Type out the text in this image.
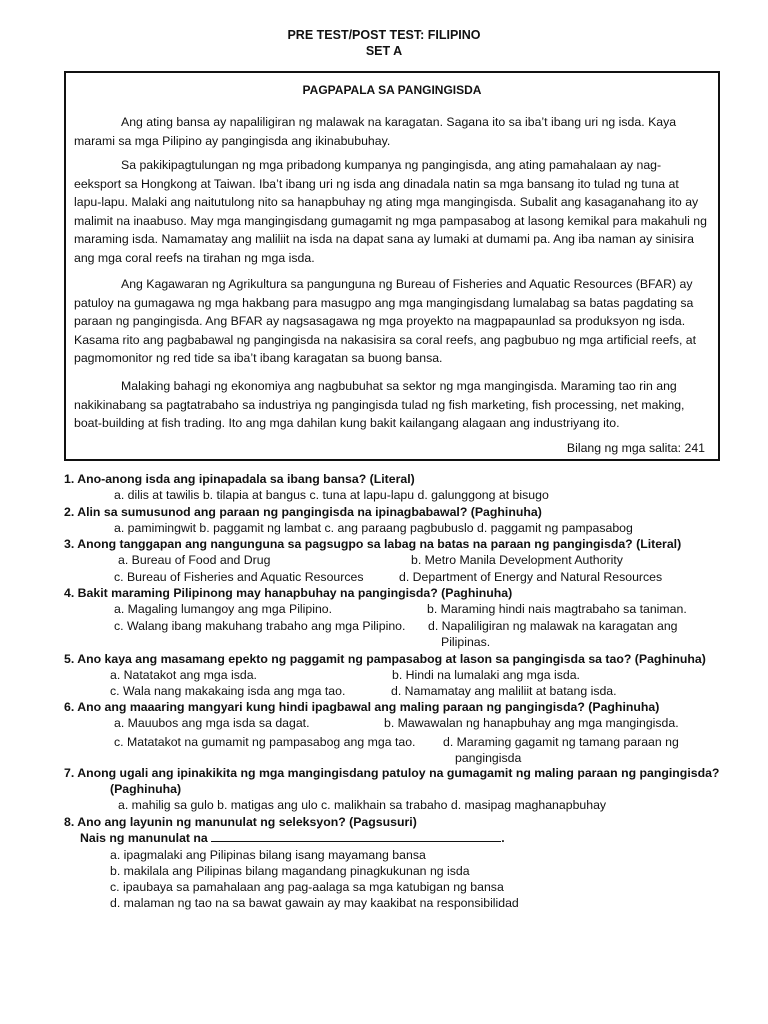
PRE TEST/POST TEST: FILIPINO
SET A
PAGPAPALA SA PANGINGISDA

Ang ating bansa ay napaliligiran ng malawak na karagatan. Sagana ito sa iba’t ibang uri ng isda. Kaya marami sa mga Pilipino ay pangingisda ang ikinabubuhay.

Sa pakikipagtulungan ng mga pribadong kumpanya ng pangingisda, ang ating pamahalaan ay nag-eeksport sa Hongkong at Taiwan. Iba’t ibang uri ng isda ang dinadala natin sa mga bansang ito tulad ng tuna at lapu-lapu. Malaki ang naitutulong nito sa hanapbuhay ng ating mga mangingisda. Subalit ang kasaganahang ito ay malimit na inaabuso. May mga mangingisdang gumagamit ng mga pampasabog at lasong kemikal para makahuli ng maraming isda. Namamatay ang maliliit na isda na dapat sana ay lumaki at dumami pa. Ang iba naman ay sinisira ang mga coral reefs na tirahan ng mga isda.

Ang Kagawaran ng Agrikultura sa pangunguna ng Bureau of Fisheries and Aquatic Resources (BFAR) ay patuloy na gumagawa ng mga hakbang para masugpo ang mga mangingisdang lumalabag sa batas pagdating sa paraan ng pangingisda. Ang BFAR ay nagsasagawa ng mga proyekto na magpapaunlad sa produksyon ng isda. Kasama rito ang pagbabawal ng pangingisda na nakasisira sa coral reefs, ang pagbubuo ng mga artificial reefs, at pagmomonitor ng red tide sa iba’t ibang karagatan sa buong bansa.

Malaking bahagi ng ekonomiya ang nagbubuhat sa sektor ng mga mangingisda. Maraming tao rin ang nakikinabang sa pagtatrabaho sa industriya ng pangingisda tulad ng fish marketing, fish processing, net making, boat-building at fish trading. Ito ang mga dahilan kung bakit kailangang alagaan ang industriyang ito.

Bilang ng mga salita: 241
1. Ano-anong isda ang ipinapadala sa ibang bansa? (Literal)
a. dilis at tawilis b. tilapia at bangus c. tuna at lapu-lapu d. galunggong at bisugo
2. Alin sa sumusunod ang paraan ng pangingisda na ipinagbabawal? (Paghinuha)
a. pamimingwit b. paggamit ng lambat c. ang paraang pagbubuslo d. paggamit ng pampasabog
3. Anong tanggapan ang nangunguna sa pagsugpo sa labag na batas na paraan ng pangingisda? (Literal)
a. Bureau of Food and Drug	b. Metro Manila Development Authority
c. Bureau of Fisheries and Aquatic Resources	d. Department of Energy and Natural Resources
4. Bakit maraming Pilipinong may hanapbuhay na pangingisda? (Paghinuha)
a. Magaling lumangoy ang mga Pilipino.	b. Maraming hindi nais magtrabaho sa taniman.
c. Walang ibang makuhang trabaho ang mga Pilipino. d. Napaliligiran ng malawak na karagatan ang
Pilipinas.
5. Ano kaya ang masamang epekto ng paggamit ng pampasabog at lason sa pangingisda sa tao? (Paghinuha)
a. Natatakot ang mga isda.	b. Hindi na lumalaki ang mga isda.
c. Wala nang makakaing isda ang mga tao.	d. Namamatay ang maliliit at batang isda.
6. Ano ang maaaring mangyari kung hindi ipagbawal ang maling paraan ng pangingisda? (Paghinuha)
a. Mauubos ang mga isda sa dagat.	b. Mawawalan ng hanapbuhay ang mga mangingisda.
c. Matatakot na gumamit ng pampasabog ang mga tao. d. Maraming gagamit ng tamang paraan ng
pangingisda
7. Anong ugali ang ipinakikita ng mga mangingisdang patuloy na gumagamit ng maling paraan ng pangingisda?
(Paghinuha)
a. mahilig sa gulo b. matigas ang ulo c. malikhain sa trabaho d. masipag maghanapbuhay
8. Ano ang layunin ng manunulat ng seleksyon? (Pagsusuri)
Nais ng manunulat na	.
a. ipagmalaki ang Pilipinas bilang isang mayamang bansa
b. makilala ang Pilipinas bilang magandang pinagkukunan ng isda
c. ipaubaya sa pamahalaan ang pag-aalaga sa mga katubigan ng bansa
d. malaman ng tao na sa bawat gawain ay may kaakibat na responsibilidad
